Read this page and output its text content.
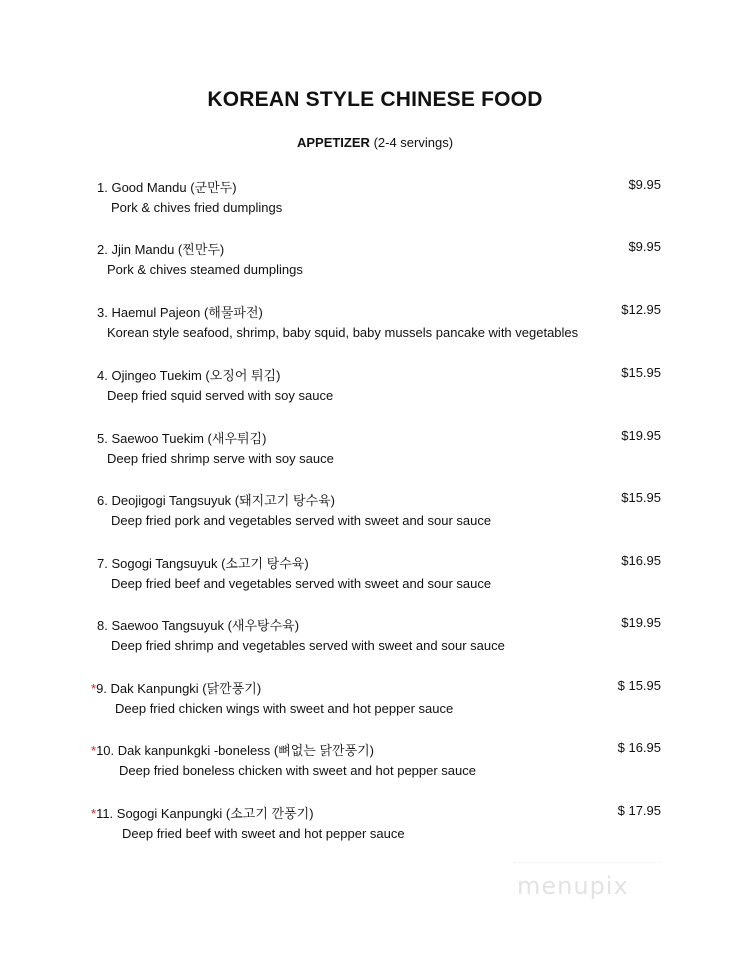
KOREAN STYLE CHINESE FOOD
APPETIZER (2-4 servings)
1. Good Mandu (군만두)	$9.95
Pork & chives fried dumplings
2. Jjin Mandu (찐만두)	$9.95
Pork & chives steamed dumplings
3. Haemul Pajeon (해물파전)	$12.95
Korean style seafood, shrimp, baby squid, baby mussels pancake with vegetables
4. Ojingeo Tuekim (오징어 튀김)	$15.95
Deep fried squid served with soy sauce
5. Saewoo Tuekim (새우튀김)	$19.95
Deep fried shrimp serve with soy sauce
6. Deojigogi Tangsuyuk (돼지고기 탕수육)	$15.95
Deep fried pork and vegetables served with sweet and sour sauce
7. Sogogi Tangsuyuk (소고기 탕수육)	$16.95
Deep fried beef and vegetables served with sweet and sour sauce
8. Saewoo Tangsuyuk (새우탕수육)	$19.95
Deep fried shrimp and vegetables served with sweet and sour sauce
*9. Dak Kanpungki (닭깐풍기)	$ 15.95
Deep fried chicken wings with sweet and hot pepper sauce
*10. Dak kanpunkgki -boneless (뼈없는 닭깐풍기)	$ 16.95
Deep fried boneless chicken with sweet and hot pepper sauce
*11. Sogogi Kanpungki (소고기 깐풍기)	$ 17.95
Deep fried beef with sweet and hot pepper sauce
menupix
